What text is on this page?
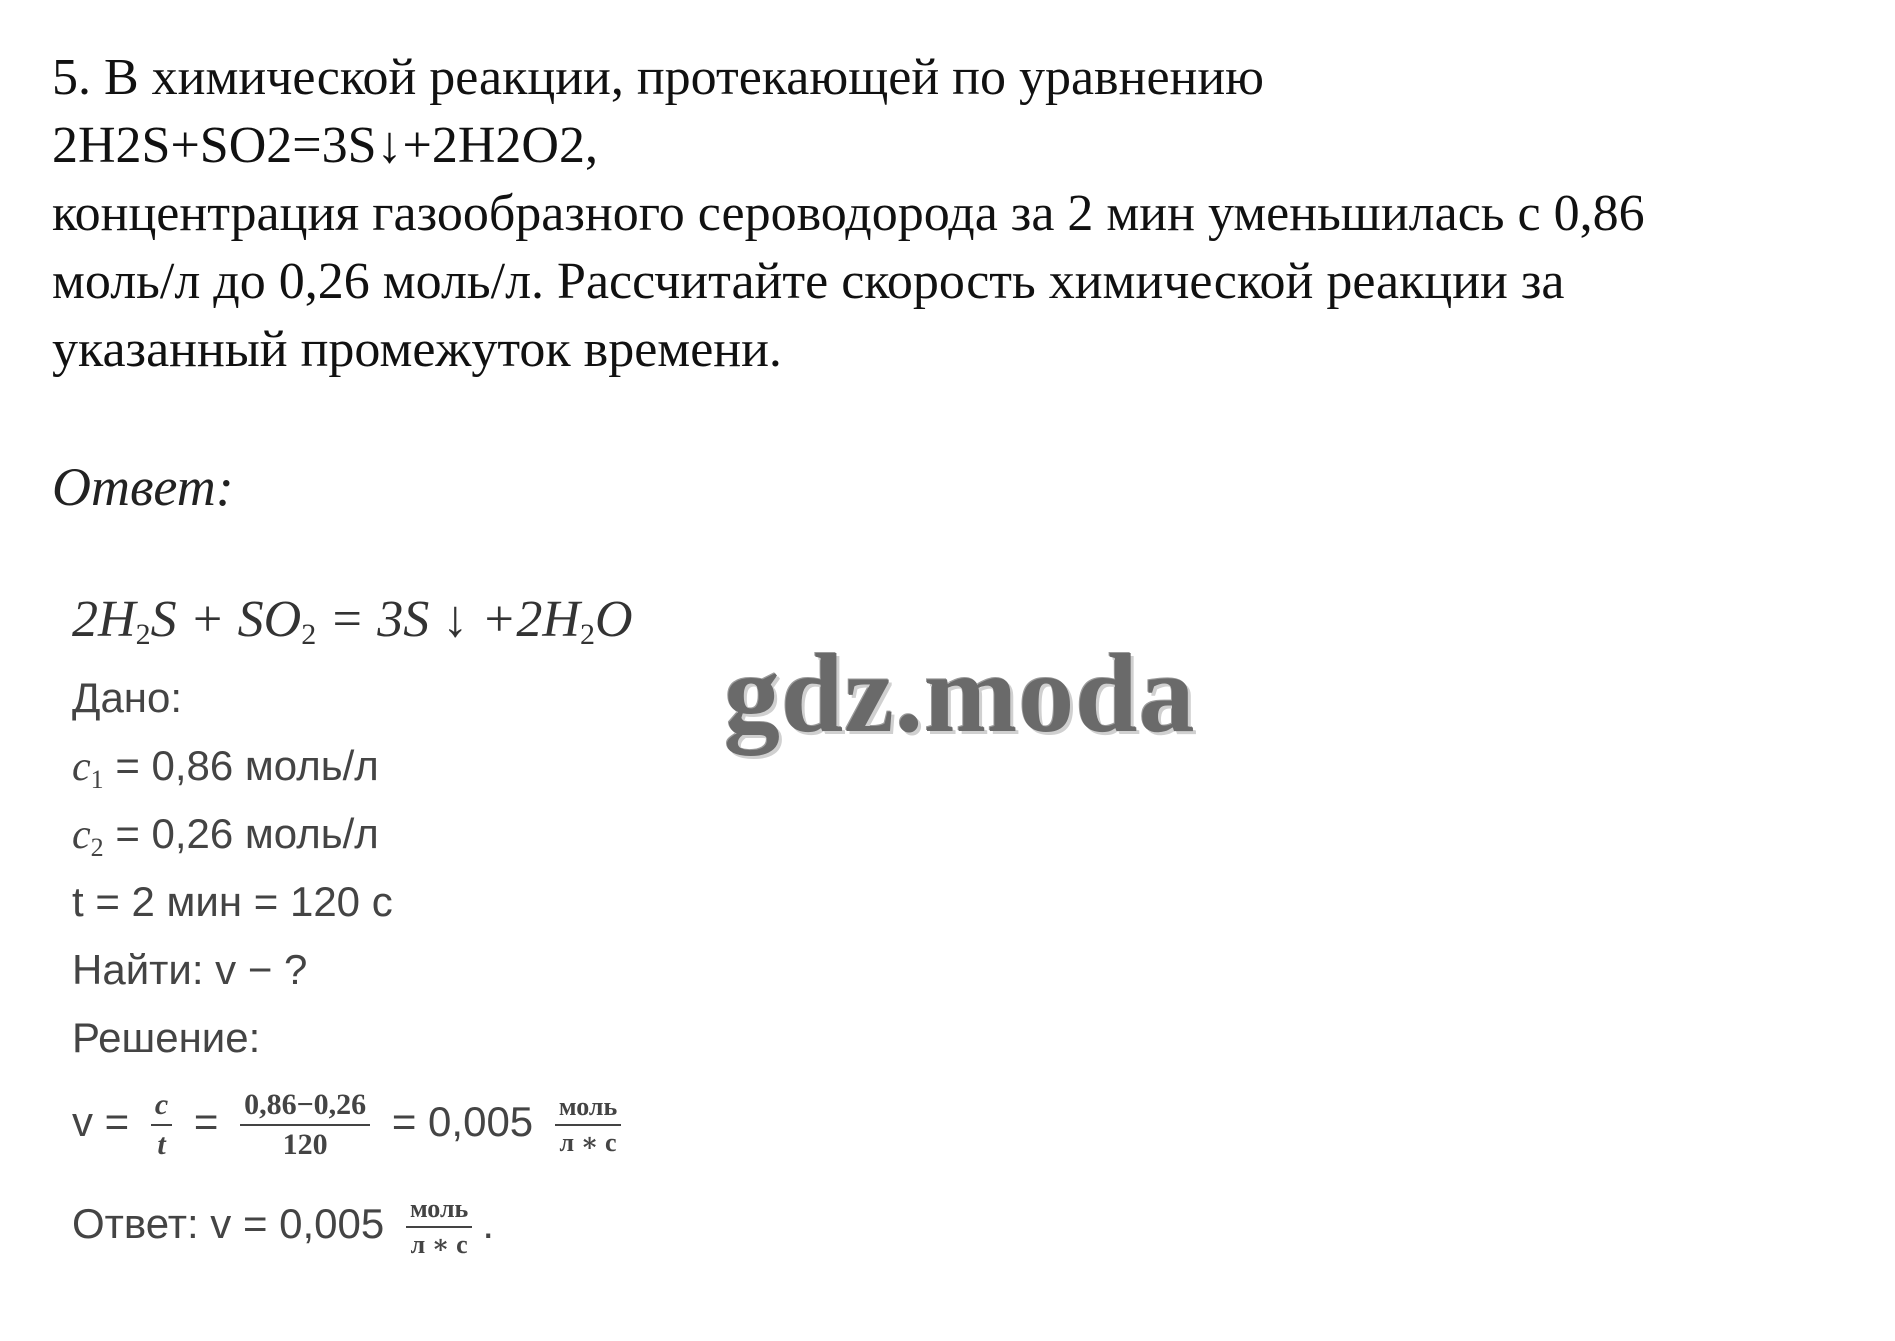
5. В химической реакции, протекающей по уравнению
2H2S+SO2=3S↓+2H2O2,
концентрация газообразного сероводорода за 2 мин уменьшилась с 0,86
моль/л до 0,26 моль/л. Рассчитайте скорость химической реакции за
указанный промежуток времени.
Ответ:
$2H_2S + SO_2 = 3S$ ↓ $+2H_2O$
Дано:
$c_1 = 0,86$ моль/л
$c_2 = 0,26$ моль/л
t = 2 мин = 120 с
Найти: v − ?
Решение:
$v = \frac{c}{t} = \frac{0,86-0,26}{120} = 0,005 \frac{\text{моль}}{л ∗ с}$
Ответ: $v = 0,005 \frac{\text{моль}}{л ∗ с}$ .
gdz.moda
